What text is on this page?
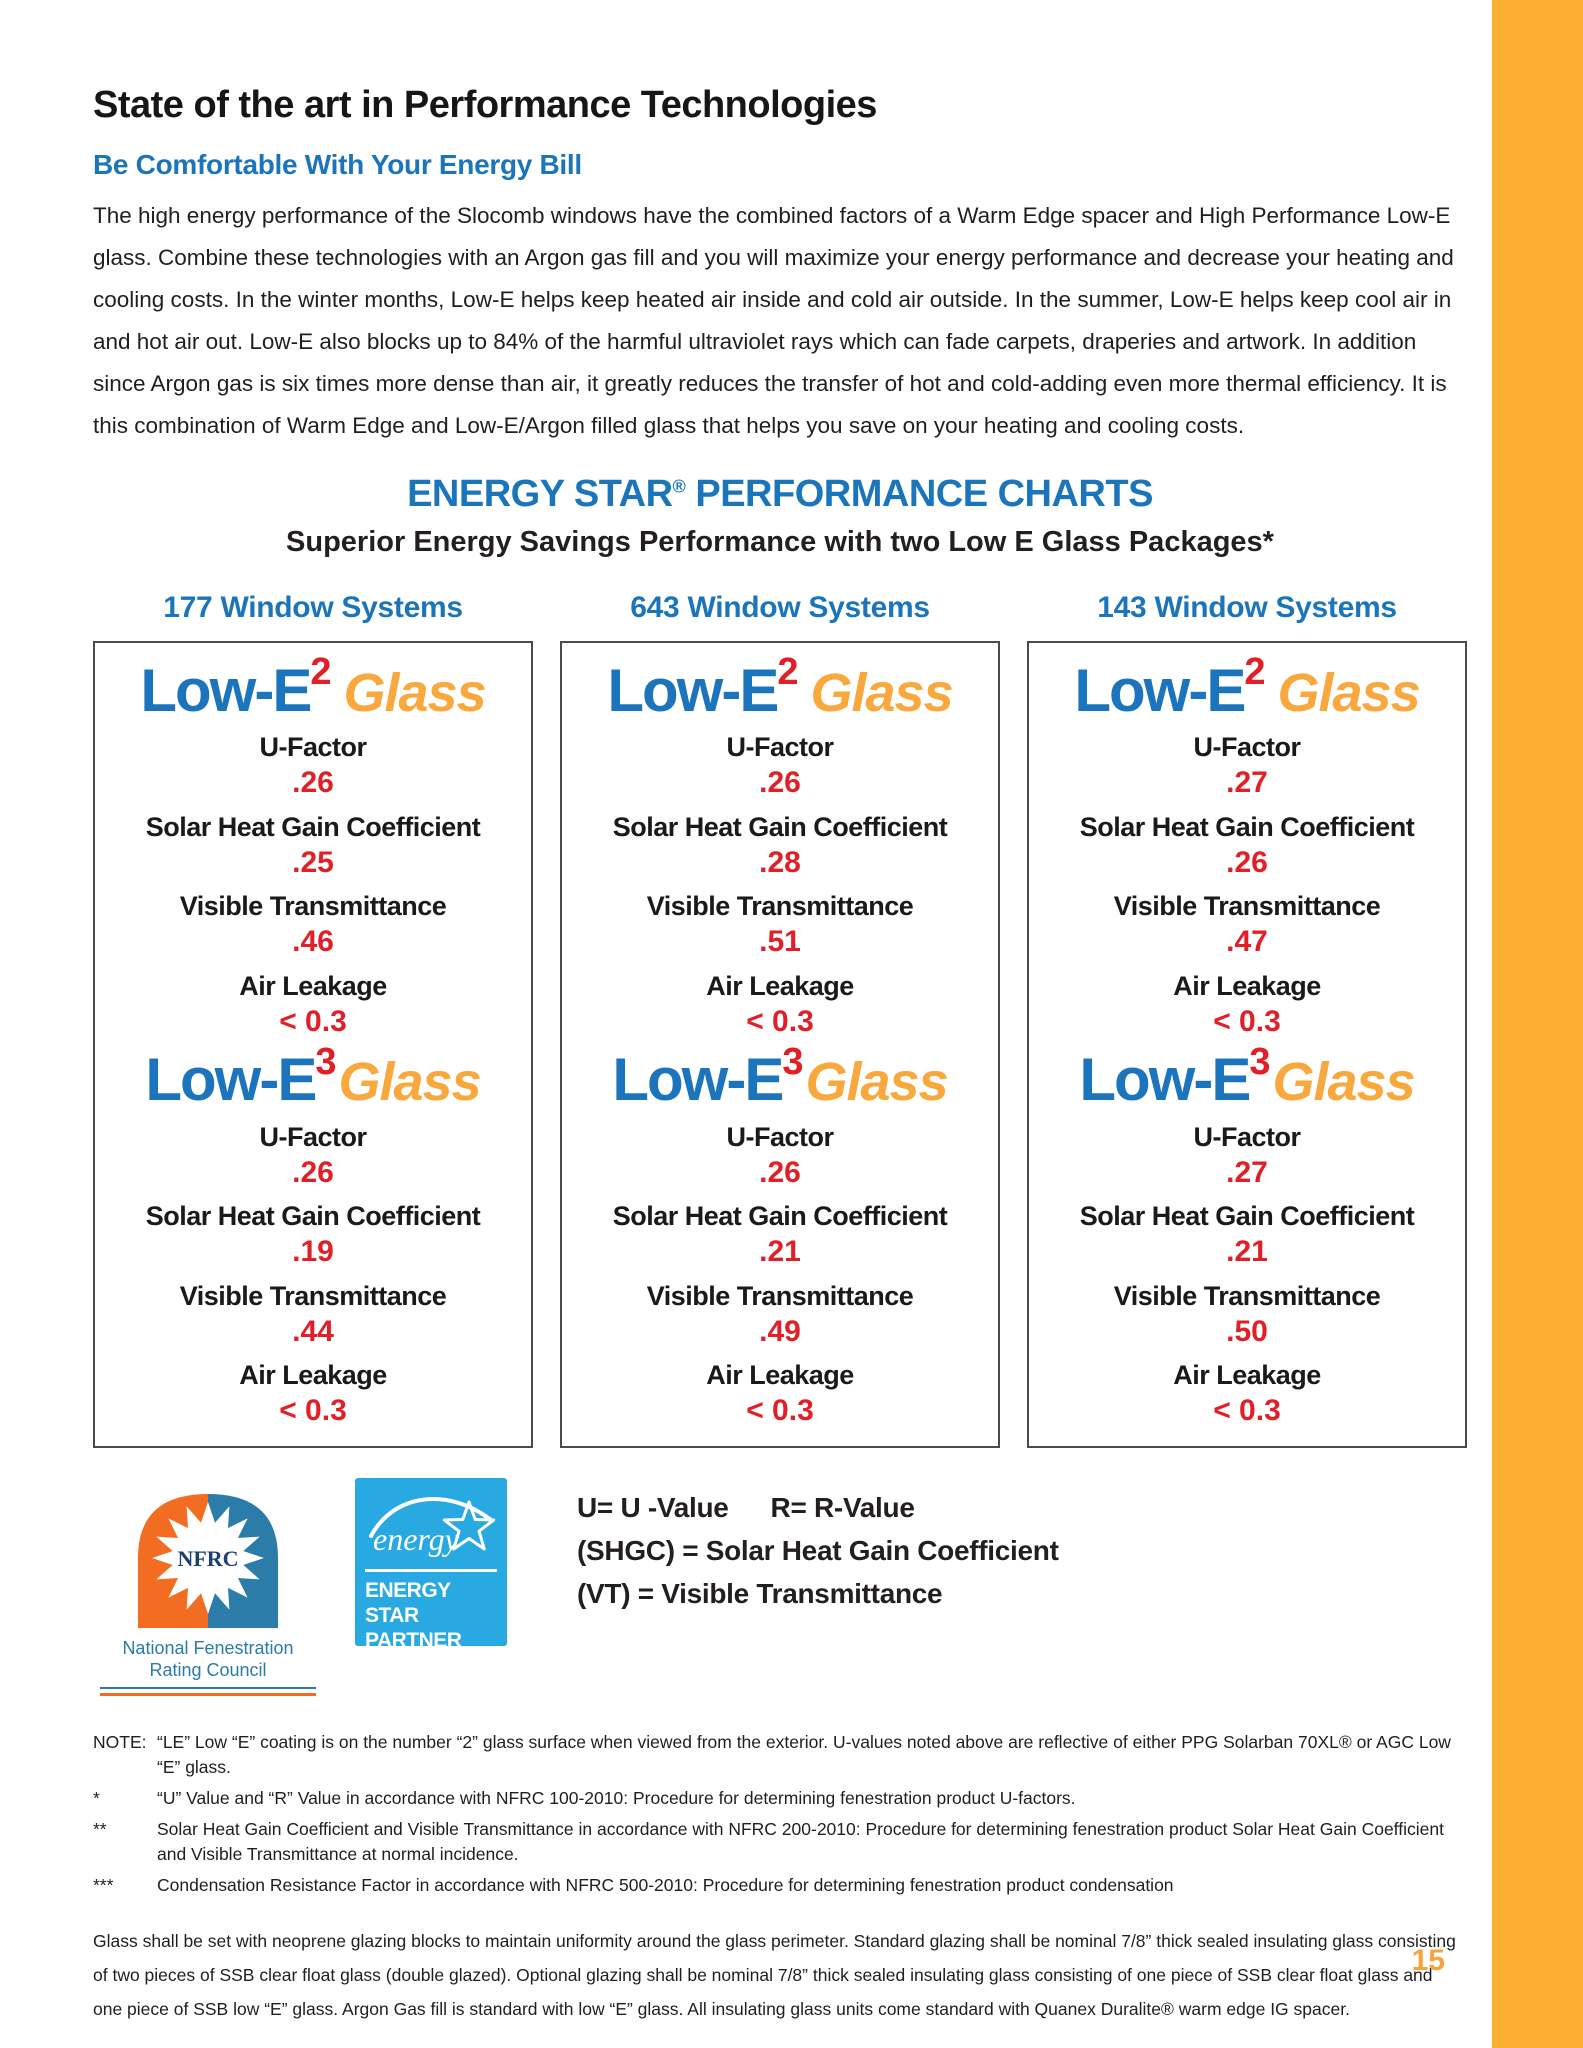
State of the art in Performance Technologies
Be Comfortable With Your Energy Bill
The high energy performance of the Slocomb windows have the combined factors of a Warm Edge spacer and High Performance Low-E glass. Combine these technologies with an Argon gas fill and you will maximize your energy performance and decrease your heating and cooling costs. In the winter months, Low-E helps keep heated air inside and cold air outside. In the summer, Low-E helps keep cool air in and hot air out. Low-E also blocks up to 84% of the harmful ultraviolet rays which can fade carpets, draperies and artwork. In addition since Argon gas is six times more dense than air, it greatly reduces the transfer of hot and cold-adding even more thermal efficiency. It is this combination of Warm Edge and Low-E/Argon filled glass that helps you save on your heating and cooling costs.
ENERGY STAR® PERFORMANCE CHARTS
Superior Energy Savings Performance with two Low E Glass Packages*
177 Window Systems	643 Window Systems	143 Window Systems
Low-$E^2$ Glass
U-Factor
.26
Solar Heat Gain Coefficient
.25
Visible Transmittance
.46
Air Leakage
< 0.3
Low-$E^3Glass$
U-Factor
.26
Solar Heat Gain Coefficient
.19
Visible Transmittance
.44
Air Leakage
< 0.3
Low-$E^2$ Glass
U-Factor
.26
Solar Heat Gain Coefficient
.28
Visible Transmittance
.51
Air Leakage
< 0.3
Low-$E^3Glass$
U-Factor
.26
Solar Heat Gain Coefficient
.21
Visible Transmittance
.49
Air Leakage
< 0.3
Low-$E^2$ Glass
U-Factor
.27
Solar Heat Gain Coefficient
.26
Visible Transmittance
.47
Air Leakage
< 0.3
Low-$E^3Glass$
U-Factor
.27
Solar Heat Gain Coefficient
.21
Visible Transmittance
.50
Air Leakage
< 0.3
NFRC
National Fenestration
Rating Council
energy
ENERGY STAR
PARTNER
U= U -Value R= R-Value
(SHGC) = Solar Heat Gain Coefficient
(VT) = Visible Transmittance
NOTE: “LE” Low “E” coating is on the number “2” glass surface when viewed from the exterior. U-values noted above are reflective of either PPG Solarban 70XL® or AGC Low “E” glass.
*	“U” Value and “R” Value in accordance with NFRC 100-2010: Procedure for determining fenestration product U-factors.
**	Solar Heat Gain Coefficient and Visible Transmittance in accordance with NFRC 200-2010: Procedure for determining fenestration product Solar Heat Gain Coefficient and Visible Transmittance at normal incidence.
***	Condensation Resistance Factor in accordance with NFRC 500-2010: Procedure for determining fenestration product condensation
Glass shall be set with neoprene glazing blocks to maintain uniformity around the glass perimeter. Standard glazing shall be nominal 7/8” thick sealed insulating glass consisting of two pieces of SSB clear float glass (double glazed). Optional glazing shall be nominal 7/8” thick sealed insulating glass consisting of one piece of SSB clear float glass and one piece of SSB low “E” glass. Argon Gas fill is standard with low “E” glass. All insulating glass units come standard with Quanex Duralite® warm edge IG spacer.
15
